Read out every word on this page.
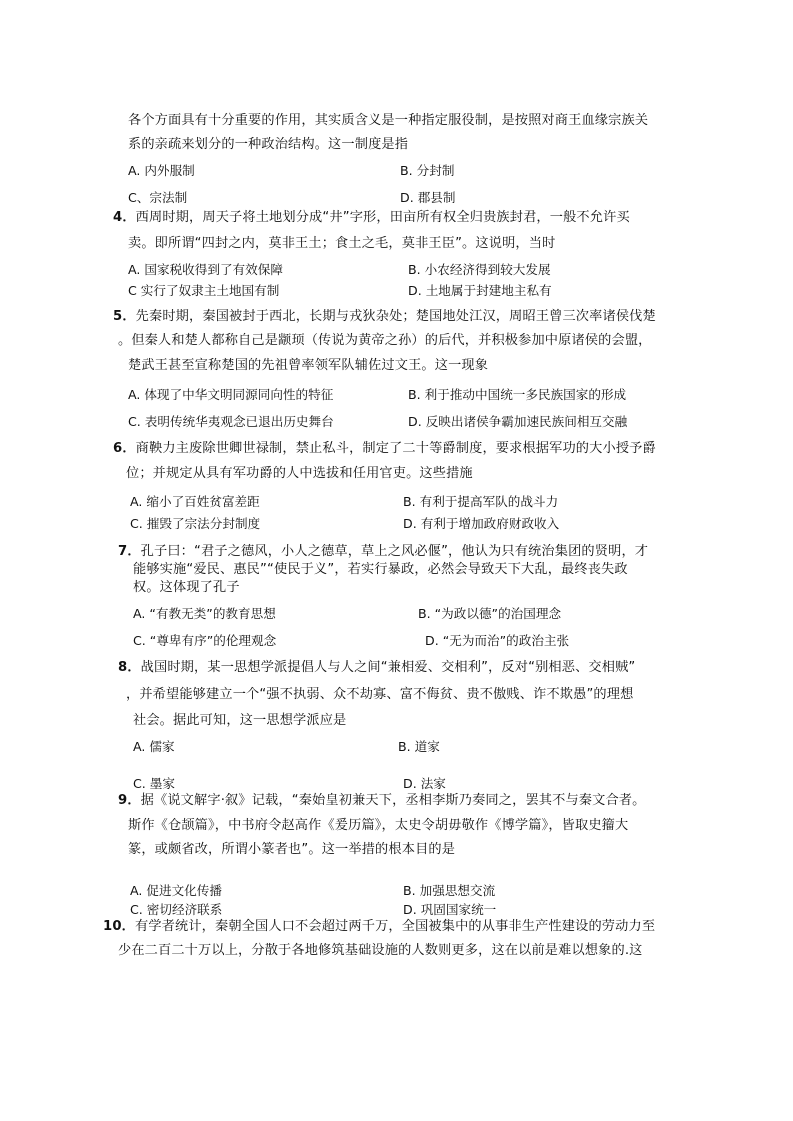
各个方面具有十分重要的作用，其实质含义是一种指定服役制，是按照对商王血缘宗族关
系的亲疏来划分的一种政治结构。这一制度是指
A. 内外服制	B. 分封制
C、宗法制	D. 郡县制
4．西周时期，周天子将土地划分成“井”字形，田亩所有权全归贵族封君，一般不允许买
卖。即所谓“四封之内，莫非王土；食土之毛，莫非王臣”。这说明，当时
A. 国家税收得到了有效保障	B. 小农经济得到较大发展
C 实行了奴隶主土地国有制	D. 土地属于封建地主私有
5．先秦时期，秦国被封于西北，长期与戎狄杂处；楚国地处江汉，周昭王曾三次率诸侯伐楚
。但秦人和楚人都称自己是颛顼（传说为黄帝之孙）的后代，并积极参加中原诸侯的会盟，
楚武王甚至宣称楚国的先祖曾率领军队辅佐过文王。这一现象
A. 体现了中华文明同源同向性的特征	B. 利于推动中国统一多民族国家的形成
C. 表明传统华夷观念已退出历史舞台	D. 反映出诸侯争霸加速民族间相互交融
6．商鞅力主废除世卿世禄制，禁止私斗，制定了二十等爵制度，要求根据军功的大小授予爵
位；并规定从具有军功爵的人中选拔和任用官吏。这些措施
A. 缩小了百姓贫富差距	B. 有利于提高军队的战斗力
C. 摧毁了宗法分封制度	D. 有利于增加政府财政收入
7．孔子曰：“君子之德风，小人之德草，草上之风必偃”，他认为只有统治集团的贤明，才
能够实施“爱民、惠民”“使民于义”，若实行暴政，必然会导致天下大乱，最终丧失政
权。这体现了孔子
A. “有教无类”的教育思想	B. “为政以德”的治国理念
C. “尊卑有序”的伦理观念	D. “无为而治”的政治主张
8．战国时期，某一思想学派提倡人与人之间“兼相爱、交相利”，反对“别相恶、交相贼”
，并希望能够建立一个“强不执弱、众不劫寡、富不侮贫、贵不傲贱、诈不欺愚”的理想
社会。据此可知，这一思想学派应是
A. 儒家	B. 道家
C. 墨家	D. 法家
9．据《说文解字·叙》记载，“秦始皇初兼天下，丞相李斯乃奏同之，罢其不与秦文合者。
斯作《仓颉篇》，中书府令赵高作《爰历篇》，太史令胡毋敬作《博学篇》，皆取史籀大
篆，或颇省改，所谓小篆者也”。这一举措的根本目的是
A. 促进文化传播	B. 加强思想交流
C. 密切经济联系	D. 巩固国家统一
10．有学者统计，秦朝全国人口不会超过两千万，全国被集中的从事非生产性建设的劳动力至
少在二百二十万以上，分散于各地修筑基础设施的人数则更多，这在以前是难以想象的.这
